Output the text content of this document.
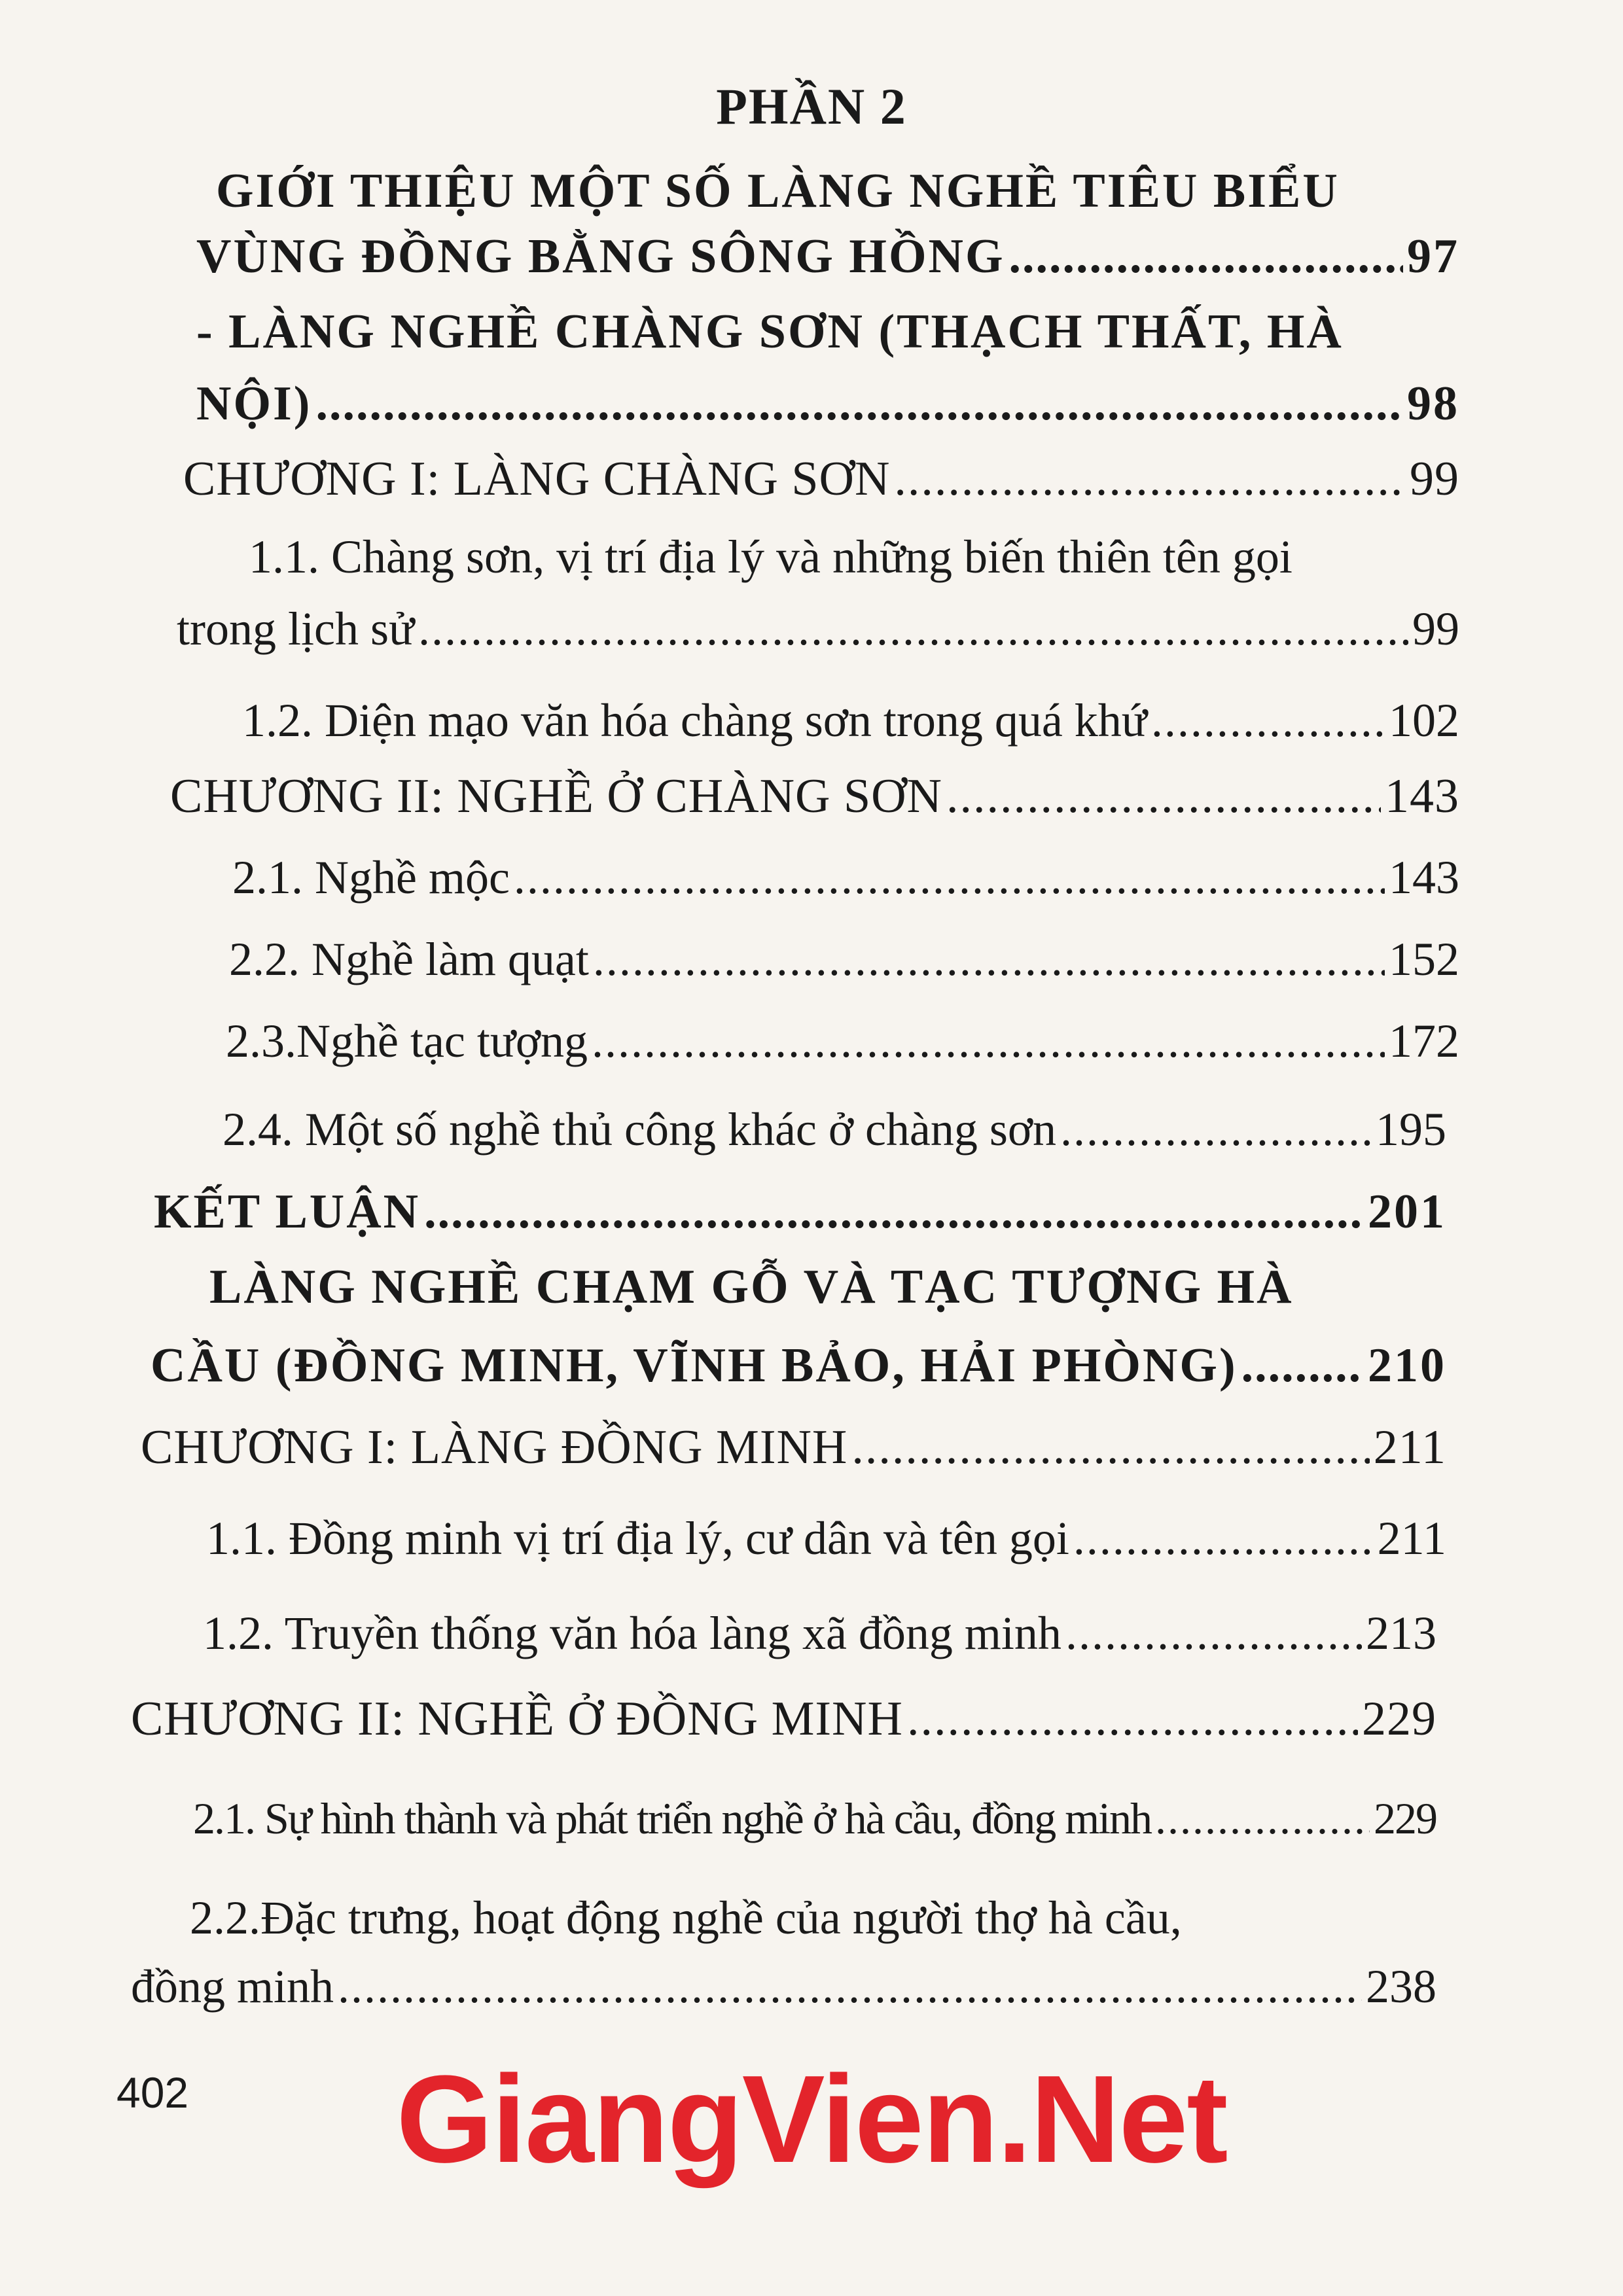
PHẦN 2
GIỚI THIỆU MỘT SỐ LÀNG NGHỀ TIÊU BIỂU
VÙNG ĐỒNG BẰNG SÔNG HỒNG .....	97
- LÀNG NGHỀ CHÀNG SƠN (THẠCH THẤT, HÀ
NỘI) .....	98
CHƯƠNG I: LÀNG CHÀNG SƠN .....	99
1.1. Chàng sơn, vị trí địa lý và những biến thiên tên gọi
trong lịch sử .....	99
1.2. Diện mạo văn hóa chàng sơn trong quá khứ .....	102
CHƯƠNG II: NGHỀ Ở CHÀNG SƠN .....	143
2.1. Nghề mộc .....	143
2.2. Nghề làm quạt .....	152
2.3.Nghề tạc tượng .....	172
2.4. Một số nghề thủ công khác ở chàng sơn .....	195
KẾT LUẬN .....	201
LÀNG NGHỀ CHẠM GỖ VÀ TẠC TƯỢNG HÀ
CẦU (ĐỒNG MINH, VĨNH BẢO, HẢI PHÒNG) .....	210
CHƯƠNG I: LÀNG ĐỒNG MINH .....	211
1.1. Đồng minh vị trí địa lý, cư dân và tên gọi .....	211
1.2. Truyền thống văn hóa làng xã đồng minh .....	213
CHƯƠNG II: NGHỀ Ở ĐỒNG MINH .....	229
2.1. Sự hình thành và phát triển nghề ở hà cầu, đồng minh .....	229
2.2.Đặc trưng, hoạt động nghề của người thợ hà cầu,
đồng minh .....	238
402	GiangVien.Net
